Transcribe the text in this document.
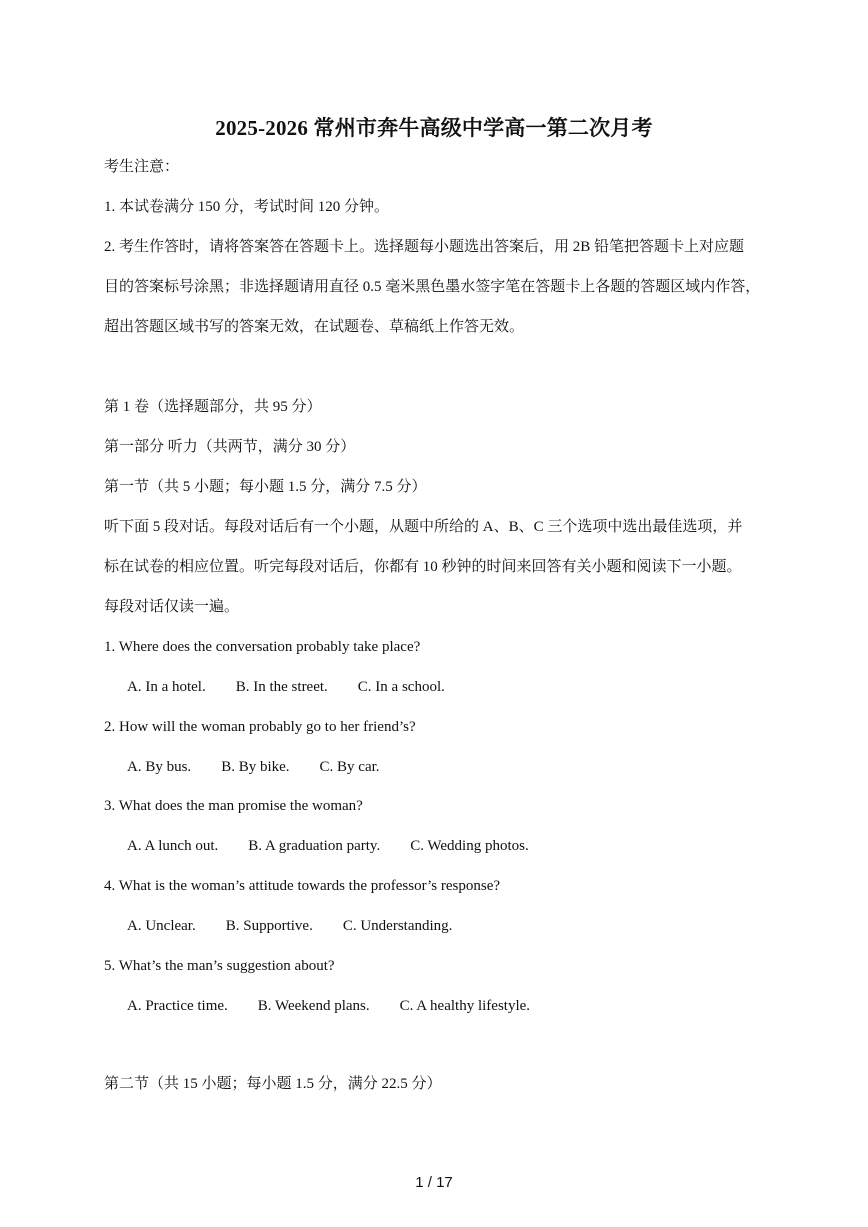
2025-2026 常州市奔牛高级中学高一第二次月考
考生注意：
1. 本试卷满分 150 分，考试时间 120 分钟。
2. 考生作答时，请将答案答在答题卡上。选择题每小题选出答案后，用 2B 铅笔把答题卡上对应题
目的答案标号涂黑；非选择题请用直径 0.5 毫米黑色墨水签字笔在答题卡上各题的答题区域内作答，
超出答题区域书写的答案无效，在试题卷、草稿纸上作答无效。
第 1 卷（选择题部分，共 95 分）
第一部分 听力（共两节，满分 30 分）
第一节（共 5 小题；每小题 1.5 分，满分 7.5 分）
听下面 5 段对话。每段对话后有一个小题，从题中所给的 A、B、C 三个选项中选出最佳选项，并
标在试卷的相应位置。听完每段对话后，你都有 10 秒钟的时间来回答有关小题和阅读下一小题。
每段对话仅读一遍。
1. Where does the conversation probably take place?
A. In a hotel. B. In the street. C. In a school.
2. How will the woman probably go to her friend’s?
A. By bus. B. By bike. C. By car.
3. What does the man promise the woman?
A. A lunch out. B. A graduation party. C. Wedding photos.
4. What is the woman’s attitude towards the professor’s response?
A. Unclear. B. Supportive. C. Understanding.
5. What’s the man’s suggestion about?
A. Practice time. B. Weekend plans. C. A healthy lifestyle.
第二节（共 15 小题；每小题 1.5 分，满分 22.5 分）
1 / 17
